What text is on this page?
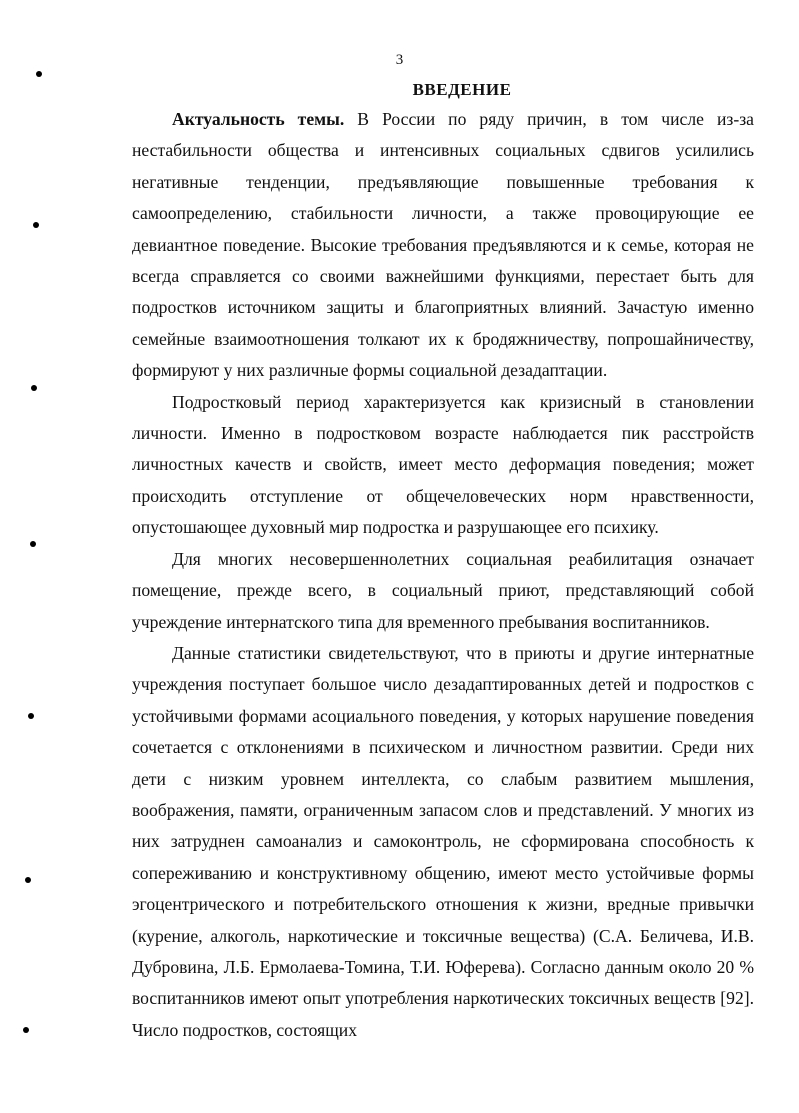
3
ВВЕДЕНИЕ

Актуальность темы. В России по ряду причин, в том числе из-за нестабильности общества и интенсивных социальных сдвигов усилились негативные тенденции, предъявляющие повышенные требования к самоопределению, стабильности личности, а также провоцирующие ее девиантное поведение. Высокие требования предъявляются и к семье, которая не всегда справляется со своими важнейшими функциями, перестает быть для подростков источником защиты и благоприятных влияний. Зачастую именно семейные взаимоотношения толкают их к бродяжничеству, попрошайничеству, формируют у них различные формы социальной дезадаптации.

Подростковый период характеризуется как кризисный в становлении личности. Именно в подростковом возрасте наблюдается пик расстройств личностных качеств и свойств, имеет место деформация поведения; может происходить отступление от общечеловеческих норм нравственности, опустошающее духовный мир подростка и разрушающее его психику.

Для многих несовершеннолетних социальная реабилитация означает помещение, прежде всего, в социальный приют, представляющий собой учреждение интернатского типа для временного пребывания воспитанников.

Данные статистики свидетельствуют, что в приюты и другие интернатные учреждения поступает большое число дезадаптированных детей и подростков с устойчивыми формами асоциального поведения, у которых нарушение поведения сочетается с отклонениями в психическом и личностном развитии. Среди них дети с низким уровнем интеллекта, со слабым развитием мышления, воображения, памяти, ограниченным запасом слов и представлений. У многих из них затруднен самоанализ и самоконтроль, не сформирована способность к сопереживанию и конструктивному общению, имеют место устойчивые формы эгоцентрического и потребительского отношения к жизни, вредные привычки (курение, алкоголь, наркотические и токсичные вещества) (С.А. Беличева, И.В. Дубровина, Л.Б. Ермолаева-Томина, Т.И. Юферева). Согласно данным около 20 % воспитанников имеют опыт употребления наркотических токсичных веществ [92]. Число подростков, состоящих
